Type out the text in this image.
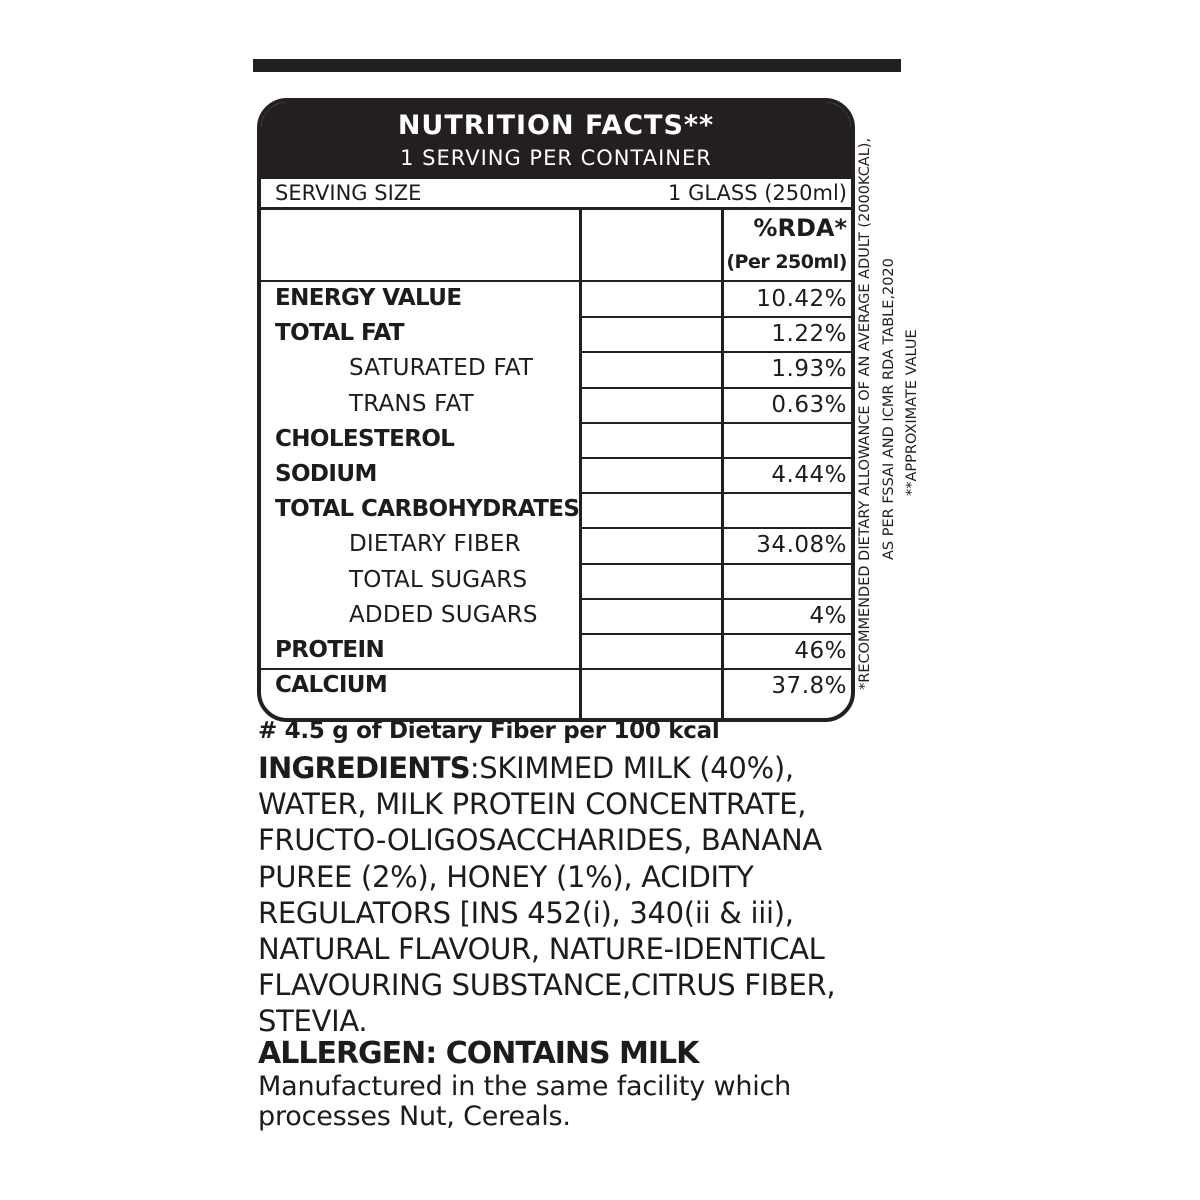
NUTRITION FACTS**
1 SERVING PER CONTAINER
SERVING SIZE	1 GLASS (250ml)
%RDA*
(Per 250ml)
ENERGY VALUE	10.42%
TOTAL FAT	1.22%
SATURATED FAT	1.93%
TRANS FAT	0.63%
CHOLESTEROL
SODIUM	4.44%
TOTAL CARBOHYDRATES
DIETARY FIBER	34.08%
TOTAL SUGARS
ADDED SUGARS	4%
PROTEIN	46%
CALCIUM	37.8% *RECOMMENDED DIETARY ALLOWANCE OF AN AVERAGE ADULT (2000KCAL), AS PER FSSAI AND ICMR RDA TABLE,2020 **APPROXIMATE VALUE
# 4.5 g of Dietary Fiber per 100 kcal
INGREDIENTS:SKIMMED MILK (40%), WATER, MILK PROTEIN CONCENTRATE, FRUCTO-OLIGOSACCHARIDES, BANANA PUREE (2%), HONEY (1%), ACIDITY REGULATORS [INS 452(i), 340(ii & iii), NATURAL FLAVOUR, NATURE-IDENTICAL FLAVOURING SUBSTANCE,CITRUS FIBER, STEVIA.
ALLERGEN: CONTAINS MILK
Manufactured in the same facility which processes Nut, Cereals.
